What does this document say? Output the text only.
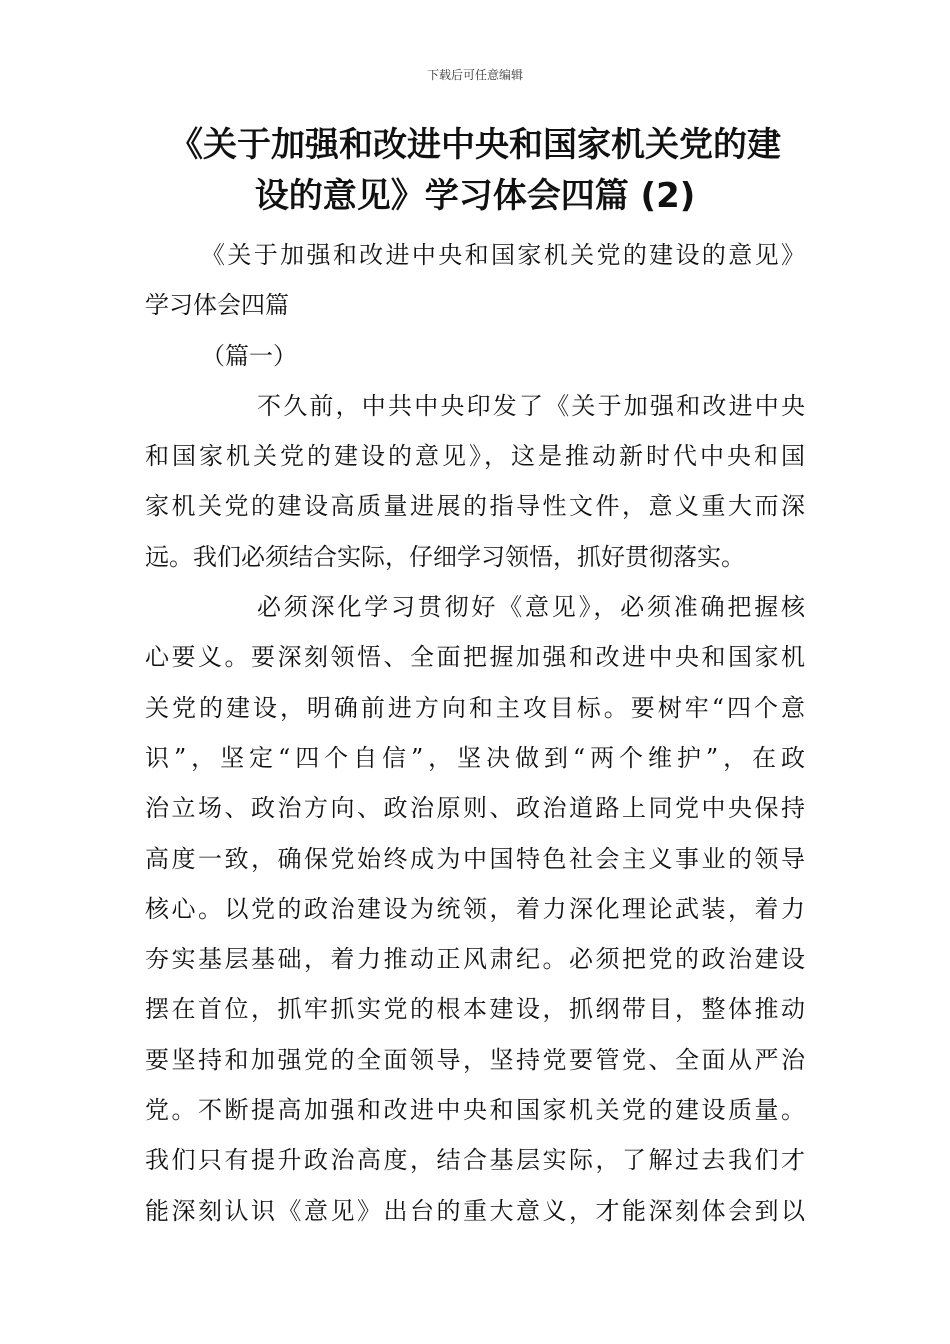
下载后可任意编辑
《关于加强和改进中央和国家机关党的建
设的意见》学习体会四篇 (2)
《关于加强和改进中央和国家机关党的建设的意见》
学习体会四篇
（篇一）
不久前，中共中央印发了《关于加强和改进中央
和国家机关党的建设的意见》，这是推动新时代中央和国
家机关党的建设高质量进展的指导性文件，意义重大而深
远。我们必须结合实际，仔细学习领悟，抓好贯彻落实。
必须深化学习贯彻好《意见》，必须准确把握核
心要义。要深刻领悟、全面把握加强和改进中央和国家机
关党的建设，明确前进方向和主攻目标。要树牢“四个意
识”，坚定“四个自信”，坚决做到“两个维护”，在政
治立场、政治方向、政治原则、政治道路上同党中央保持
高度一致，确保党始终成为中国特色社会主义事业的领导
核心。以党的政治建设为统领，着力深化理论武装，着力
夯实基层基础，着力推动正风肃纪。必须把党的政治建设
摆在首位，抓牢抓实党的根本建设，抓纲带目，整体推动
要坚持和加强党的全面领导，坚持党要管党、全面从严治
党。不断提高加强和改进中央和国家机关党的建设质量。
我们只有提升政治高度，结合基层实际，了解过去我们才
能深刻认识《意见》出台的重大意义，才能深刻体会到以
